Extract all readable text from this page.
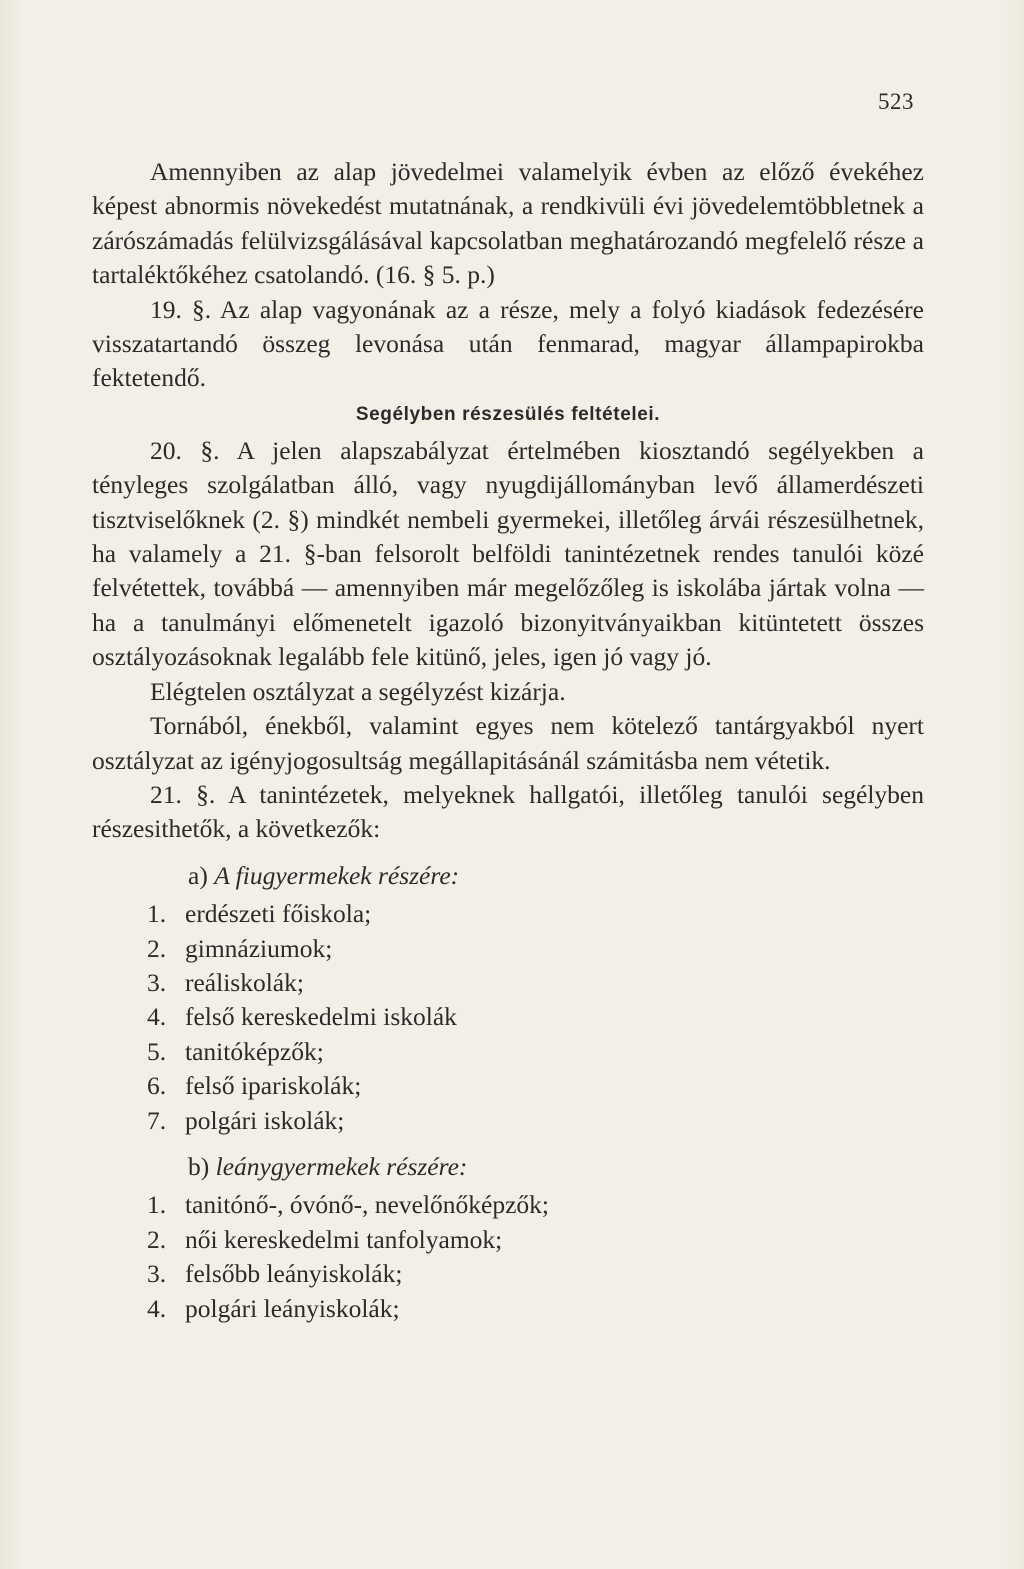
523

Amennyiben az alap jövedelmei valamelyik évben az előző évekéhez képest abnormis növekedést mutatnának, a rendkivüli évi jövedelemtöbbletnek a zárószámadás felülvizsgálásával kapcsolatban meghatározandó megfelelő része a tartaléktőkéhez csatolandó. (16. § 5. p.)

19. §. Az alap vagyonának az a része, mely a folyó kiadások fedezésére visszatartandó összeg levonása után fenmarad, magyar állampapirokba fektetendő.

Segélyben részesülés feltételei.

20. §. A jelen alapszabályzat értelmében kiosztandó segélyekben a tényleges szolgálatban álló, vagy nyugdijállományban levő államerdészeti tisztviselőknek (2. §) mindkét nembeli gyermekei, illetőleg árvái részesülhetnek, ha valamely a 21. §-ban felsorolt belföldi tanintézetnek rendes tanulói közé felvétettek, továbbá — amennyiben már megelőzőleg is iskolába jártak volna — ha a tanulmányi előmenetelt igazoló bizonyitványaikban kitüntetett összes osztályozásoknak legalább fele kitünő, jeles, igen jó vagy jó.

Elégtelen osztályzat a segélyzést kizárja.

Tornából, énekből, valamint egyes nem kötelező tantárgyakból nyert osztályzat az igényjogosultság megállapitásánál számitásba nem vétetik.

21. §. A tanintézetek, melyeknek hallgatói, illetőleg tanulói segélyben részesithetők, a következők:

a) A fiugyermekek részére:
1. erdészeti főiskola;
2. gimnáziumok;
3. reáliskolák;
4. felső kereskedelmi iskolák
5. tanitóképzők;
6. felső ipariskolák;
7. polgári iskolák;
b) leánygyermekek részére:
1. tanitónő-, óvónő-, nevelőnőképzők;
2. női kereskedelmi tanfolyamok;
3. felsőbb leányiskolák;
4. polgári leányiskolák;
